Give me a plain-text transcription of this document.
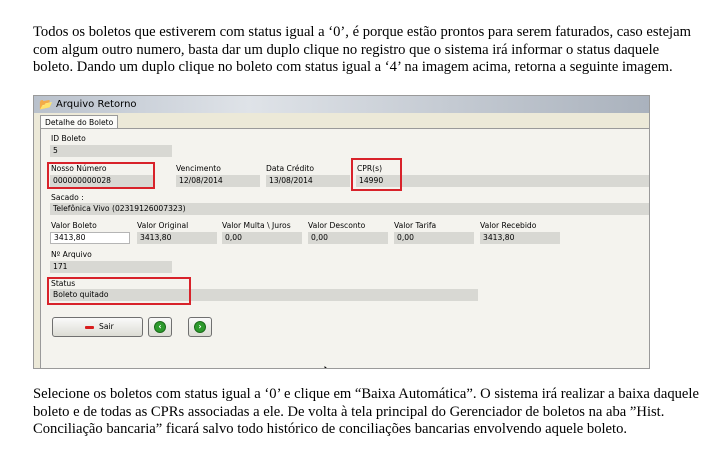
Todos os boletos que estiverem com status igual a ‘0’, é porque estão prontos para serem faturados, caso estejam com algum outro numero, basta dar um duplo clique no registro que o sistema irá informar o status daquele boleto. Dando um duplo clique no boleto com status igual a ‘4’ na imagem acima, retorna a seguinte imagem.

📂 Arquivo Retorno
Detalhe do Boleto
ID Boleto
5
Nosso Número
000000000028
Vencimento
12/08/2014
Data Crédito
13/08/2014
CPR(s)
14990
Sacado :
Telefônica Vivo (02319126007323)
Valor Boleto
3413,80
Valor Original
3413,80
Valor Multa \ Juros
0,00
Valor Desconto
0,00
Valor Tarifa
0,00
Valor Recebido
3413,80
Nº Arquivo
171
Status
Boleto quitado
Sair	‹	›

Selecione os boletos com status igual a ‘0’ e clique em “Baixa Automática”. O sistema irá realizar a baixa daquele boleto e de todas as CPRs associadas a ele. De volta à tela principal do Gerenciador de boletos na aba ”Hist. Conciliação bancaria” ficará salvo todo histórico de conciliações bancarias envolvendo aquele boleto.
